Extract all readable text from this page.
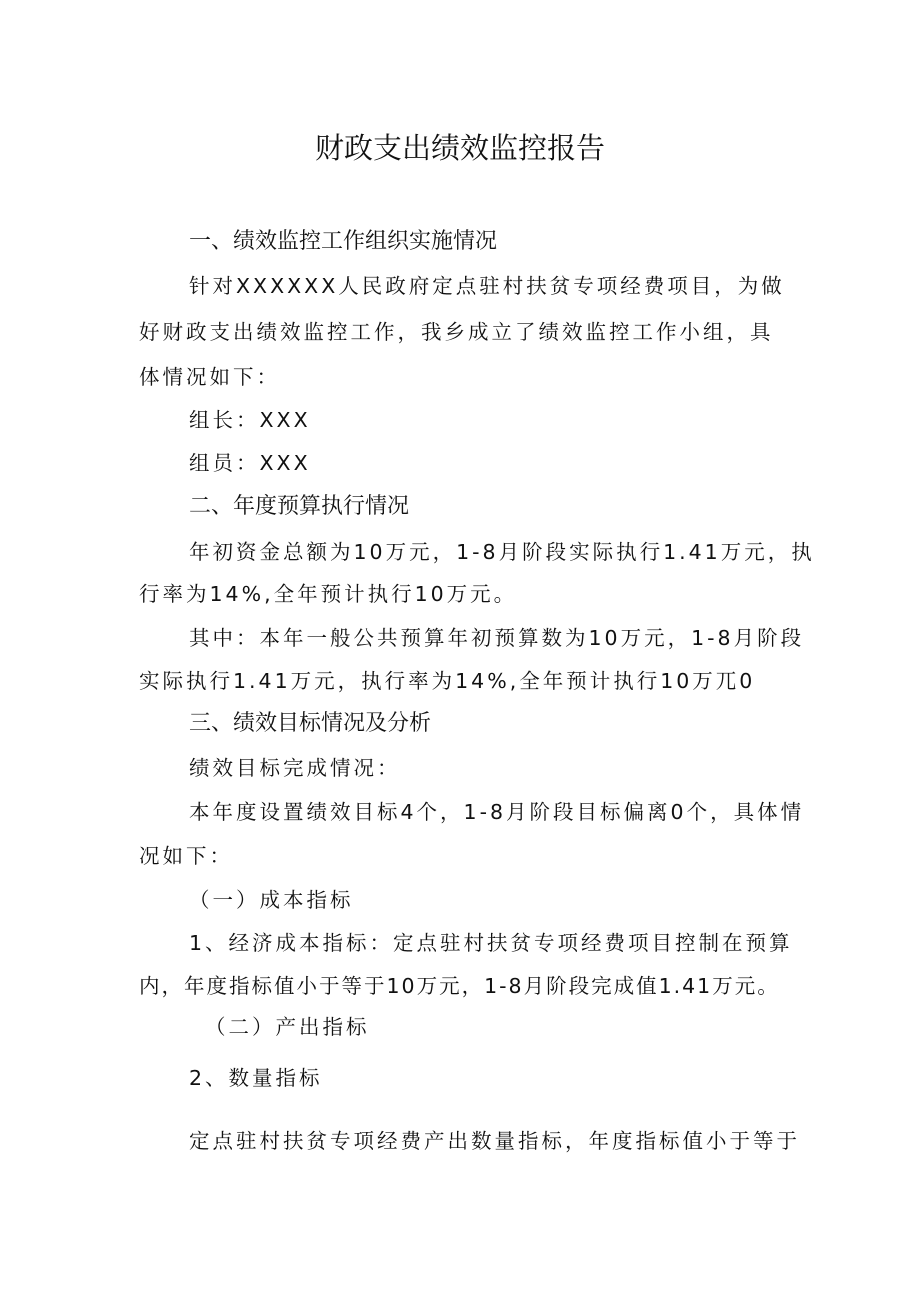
财政支出绩效监控报告
一、绩效监控工作组织实施情况
针对XXXXXX人民政府定点驻村扶贫专项经费项目，为做
好财政支出绩效监控工作，我乡成立了绩效监控工作小组，具
体情况如下：
组长：XXX
组员：XXX
二、年度预算执行情况
年初资金总额为10万元，1-8月阶段实际执行1.41万元，执
行率为14%,全年预计执行10万元。
其中：本年一般公共预算年初预算数为10万元，1-8月阶段
实际执行1.41万元，执行率为14%,全年预计执行10万兀0
三、绩效目标情况及分析
绩效目标完成情况：
本年度设置绩效目标4个，1-8月阶段目标偏离0个，具体情
况如下：
（一）成本指标
1、经济成本指标：定点驻村扶贫专项经费项目控制在预算
内，年度指标值小于等于10万元，1-8月阶段完成值1.41万元。
（二）产出指标
2、数量指标
定点驻村扶贫专项经费产出数量指标，年度指标值小于等于
